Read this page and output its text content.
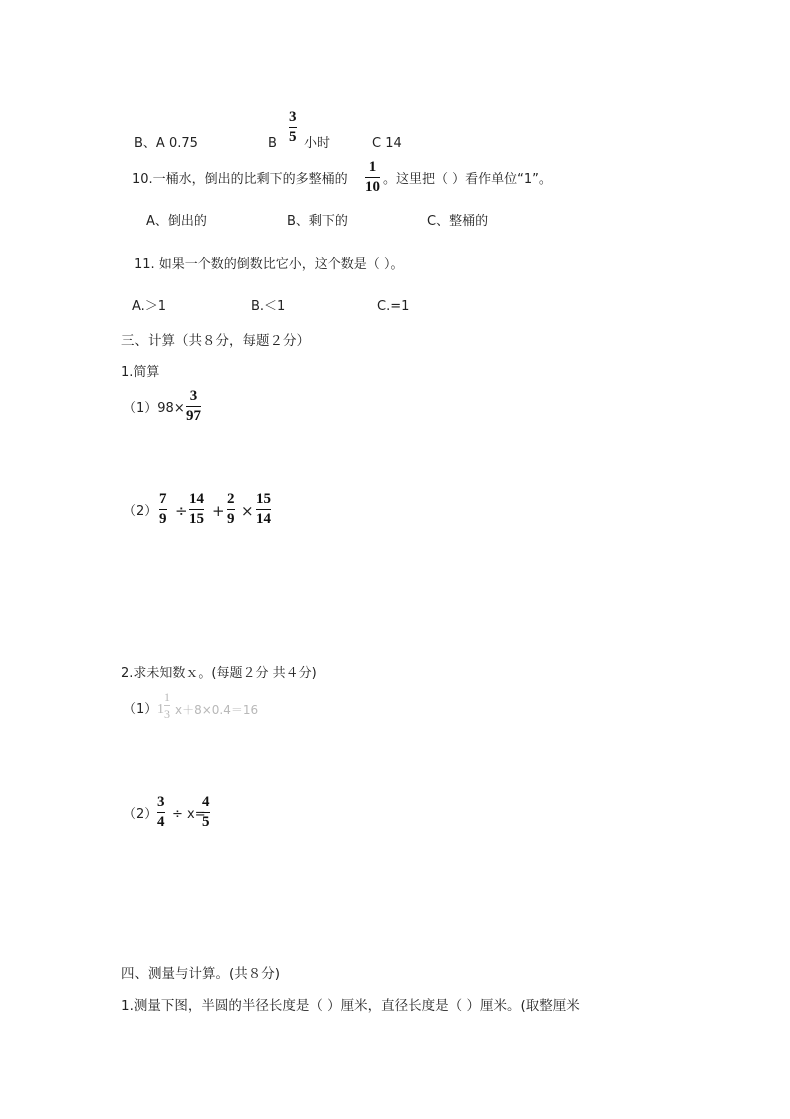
B、A 0.75	B
3
5 小时	C 14
10.一桶水，倒出的比剩下的多整桶的
1
10 。这里把（ ）看作单位“1”。
A、倒出的	B、剩下的	C、整桶的
11. 如果一个数的倒数比它小，这个数是（ ）。
A.＞1	B.＜1	C.=1
三、计算（共８分，每题２分）
1.简算
（1）98×
3
97
（2）
7
9 ÷
14
15 +
2
9 ×
15
14
2.求未知数ｘ。(每题２分 共４分)
（1） 1
1
3 x＋8×0.4＝16
（2）
3
4 ÷ x=
4
5
四、测量与计算。(共８分)
1.测量下图，半圆的半径长度是（ ）厘米，直径长度是（ ）厘米。(取整厘米
